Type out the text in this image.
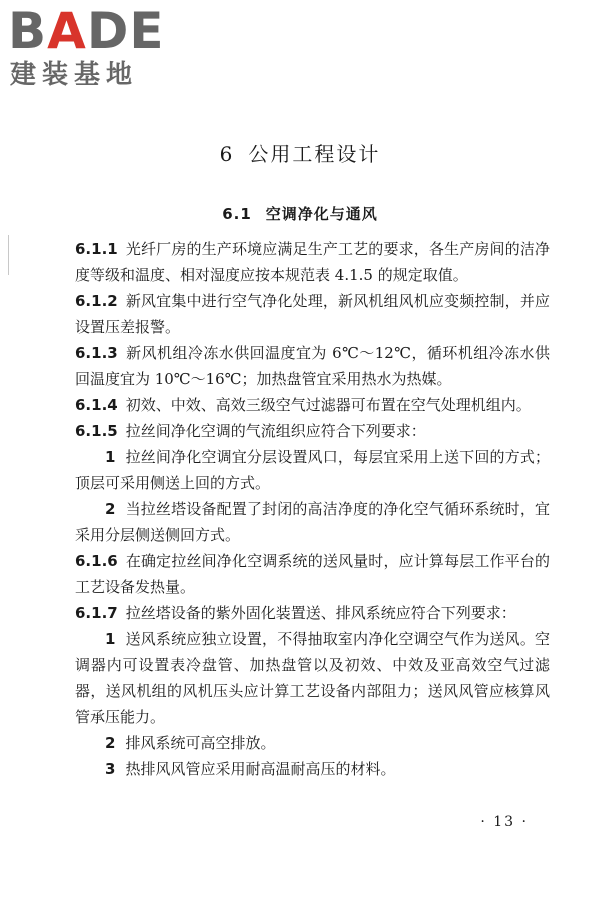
BADE
建装基地
6 公用工程设计
6.1 空调净化与通风

6.1.1 光纤厂房的生产环境应满足生产工艺的要求，各生产房间的洁净度等级和温度、相对湿度应按本规范表 4.1.5 的规定取值。

6.1.2 新风宜集中进行空气净化处理，新风机组风机应变频控制，并应设置压差报警。

6.1.3 新风机组冷冻水供回温度宜为 6℃～12℃，循环机组冷冻水供回温度宜为 10℃～16℃；加热盘管宜采用热水为热媒。

6.1.4 初效、中效、高效三级空气过滤器可布置在空气处理机组内。

6.1.5 拉丝间净化空调的气流组织应符合下列要求：

1 拉丝间净化空调宜分层设置风口，每层宜采用上送下回的方式；顶层可采用侧送上回的方式。

2 当拉丝塔设备配置了封闭的高洁净度的净化空气循环系统时，宜采用分层侧送侧回方式。

6.1.6 在确定拉丝间净化空调系统的送风量时，应计算每层工作平台的工艺设备发热量。

6.1.7 拉丝塔设备的紫外固化装置送、排风系统应符合下列要求：

1 送风系统应独立设置，不得抽取室内净化空调空气作为送风。空调器内可设置表冷盘管、加热盘管以及初效、中效及亚高效空气过滤器，送风机组的风机压头应计算工艺设备内部阻力；送风风管应核算风管承压能力。

2 排风系统可高空排放。

3 热排风风管应采用耐高温耐高压的材料。

· 13 ·
